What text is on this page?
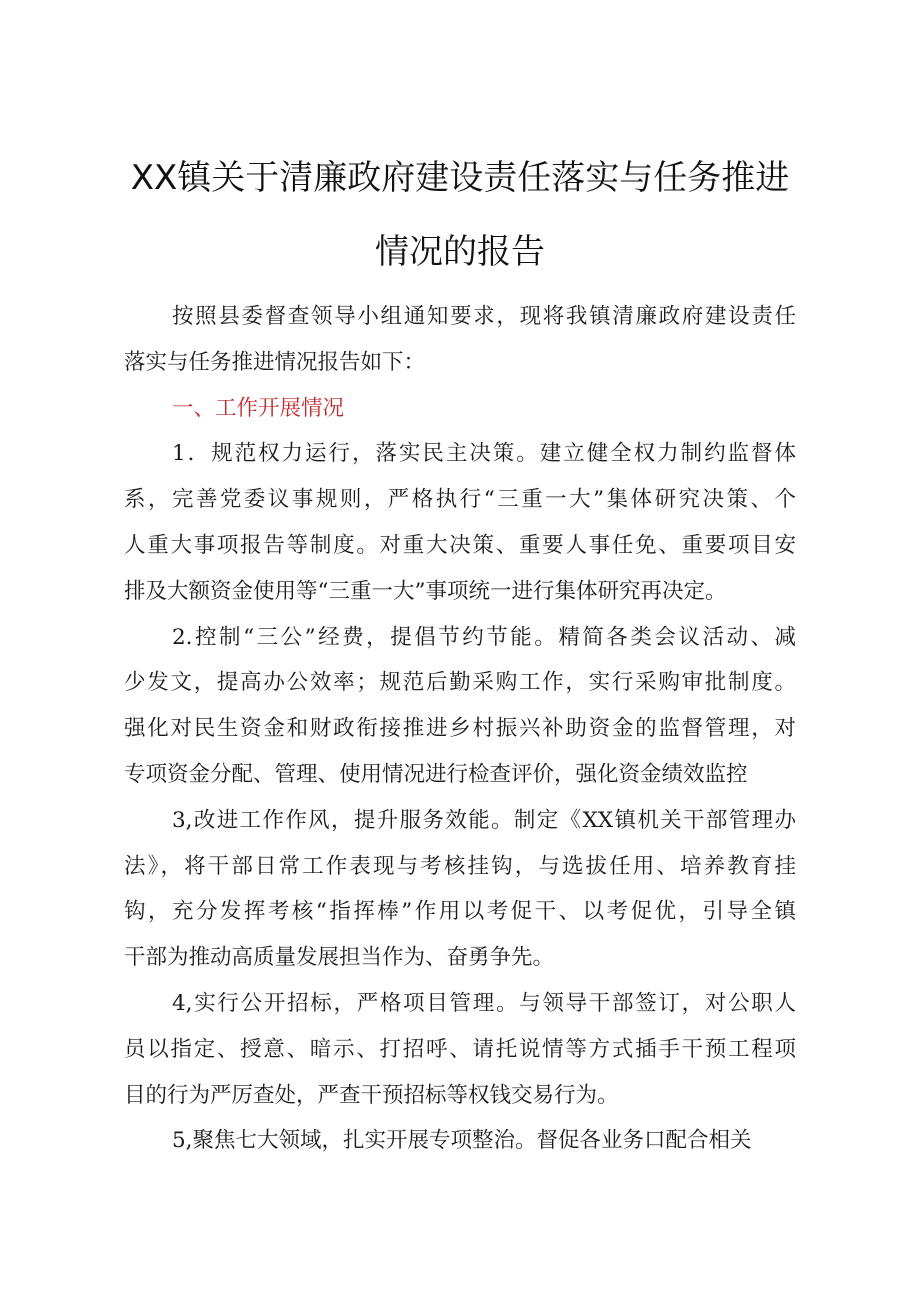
XX镇关于清廉政府建设责任落实与任务推进
情况的报告
按照县委督查领导小组通知要求，现将我镇清廉政府建设责任
落实与任务推进情况报告如下：
一、工作开展情况
1．规范权力运行，落实民主决策。建立健全权力制约监督体
系，完善党委议事规则，严格执行“三重一大”集体研究决策、个
人重大事项报告等制度。对重大决策、重要人事任免、重要项目安
排及大额资金使用等“三重一大”事项统一进行集体研究再决定。
2.控制“三公”经费，提倡节约节能。精简各类会议活动、减
少发文，提高办公效率；规范后勤采购工作，实行采购审批制度。
强化对民生资金和财政衔接推进乡村振兴补助资金的监督管理，对
专项资金分配、管理、使用情况进行检查评价，强化资金绩效监控
3,改进工作作风，提升服务效能。制定《XX镇机关干部管理办
法》，将干部日常工作表现与考核挂钩，与选拔任用、培养教育挂
钩，充分发挥考核“指挥棒”作用以考促干、以考促优，引导全镇
干部为推动高质量发展担当作为、奋勇争先。
4,实行公开招标，严格项目管理。与领导干部签订，对公职人
员以指定、授意、暗示、打招呼、请托说情等方式插手干预工程项
目的行为严厉查处，严查干预招标等权钱交易行为。
5,聚焦七大领域，扎实开展专项整治。督促各业务口配合相关
